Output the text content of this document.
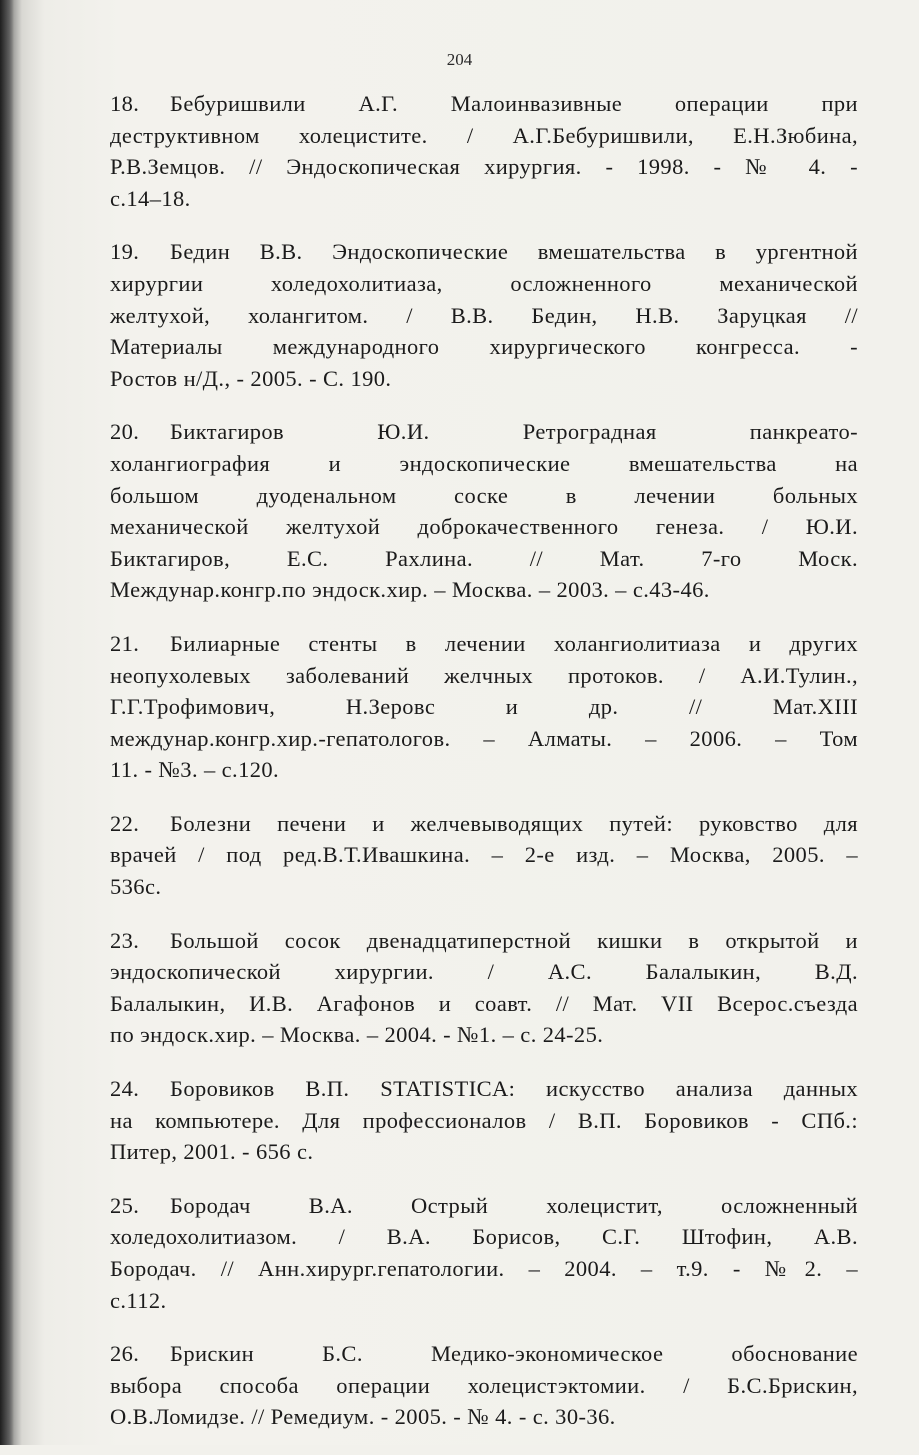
204
18. Бебуришвили А.Г. Малоинвазивные операции при
деструктивном холецистите. / А.Г.Бебуришвили, Е.Н.Зюбина,
Р.В.Земцов. // Эндоскопическая хирургия. - 1998. - № 4. -
с.14–18.
19. Бедин В.В. Эндоскопические вмешательства в ургентной
хирургии холедохолитиаза, осложненного механической
желтухой, холангитом. / В.В. Бедин, Н.В. Заруцкая //
Материалы международного хирургического конгресса. -
Ростов н/Д., - 2005. - С. 190.
20. Биктагиров Ю.И. Ретроградная панкреато-
холангиография и эндоскопические вмешательства на
большом дуоденальном соске в лечении больных
механической желтухой доброкачественного генеза. / Ю.И.
Биктагиров, Е.С. Рахлина. // Мат. 7-го Моск.
Междунар.конгр.по эндоск.хир. – Москва. – 2003. – с.43-46.
21. Билиарные стенты в лечении холангиолитиаза и других
неопухолевых заболеваний желчных протоков. / А.И.Тулин.,
Г.Г.Трофимович, Н.Зеровс и др. // Мат.XIII
междунар.конгр.хир.-гепатологов. – Алматы. – 2006. – Том
11. - №3. – с.120.
22. Болезни печени и желчевыводящих путей: руковство для
врачей / под ред.В.Т.Ивашкина. – 2-е изд. – Москва, 2005. –
536с.
23. Большой сосок двенадцатиперстной кишки в открытой и
эндоскопической хирургии. / А.С. Балалыкин, В.Д.
Балалыкин, И.В. Агафонов и соавт. // Мат. VII Всерос.съезда
по эндоск.хир. – Москва. – 2004. - №1. – с. 24-25.
24. Боровиков В.П. STATISTICA: искусство анализа данных
на компьютере. Для профессионалов / В.П. Боровиков - СПб.:
Питер, 2001. - 656 с.
25. Бородач В.А. Острый холецистит, осложненный
холедохолитиазом. / В.А. Борисов, С.Г. Штофин, А.В.
Бородач. // Анн.хирург.гепатологии. – 2004. – т.9. - №2. –
с.112.
26. Брискин Б.С. Медико-экономическое обоснование
выбора способа операции холецистэктомии. / Б.С.Брискин,
О.В.Ломидзе. // Ремедиум. - 2005. - № 4. - с. 30-36.
